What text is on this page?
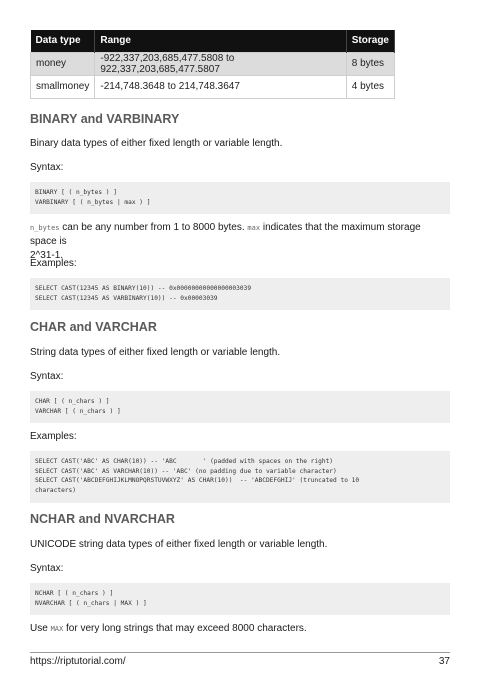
Data type	Range	Storage
money	-922,337,203,685,477.5808 to 922,337,203,685,477.5807	8 bytes
smallmoney	-214,748.3648 to 214,748.3647	4 bytes
BINARY and VARBINARY
Binary data types of either fixed length or variable length.
Syntax:
BINARY [ ( n_bytes ) ]
VARBINARY [ ( n_bytes | max ) ]
n_bytes can be any number from 1 to 8000 bytes. max indicates that the maximum storage space is
2^31-1.
Examples:
SELECT CAST(12345 AS BINARY(10)) -- 0x00000000000000003039
SELECT CAST(12345 AS VARBINARY(10)) -- 0x00003039
CHAR and VARCHAR
String data types of either fixed length or variable length.
Syntax:
CHAR [ ( n_chars ) ]
VARCHAR [ ( n_chars ) ]
Examples:
SELECT CAST('ABC' AS CHAR(10)) -- 'ABC       ' (padded with spaces on the right)
SELECT CAST('ABC' AS VARCHAR(10)) -- 'ABC' (no padding due to variable character)
SELECT CAST('ABCDEFGHIJKLMNOPQRSTUVWXYZ' AS CHAR(10))  -- 'ABCDEFGHIJ' (truncated to 10
characters)
NCHAR and NVARCHAR
UNICODE string data types of either fixed length or variable length.
Syntax:
NCHAR [ ( n_chars ) ]
NVARCHAR [ ( n_chars | MAX ) ]
Use MAX for very long strings that may exceed 8000 characters.
https://riptutorial.com/	37
